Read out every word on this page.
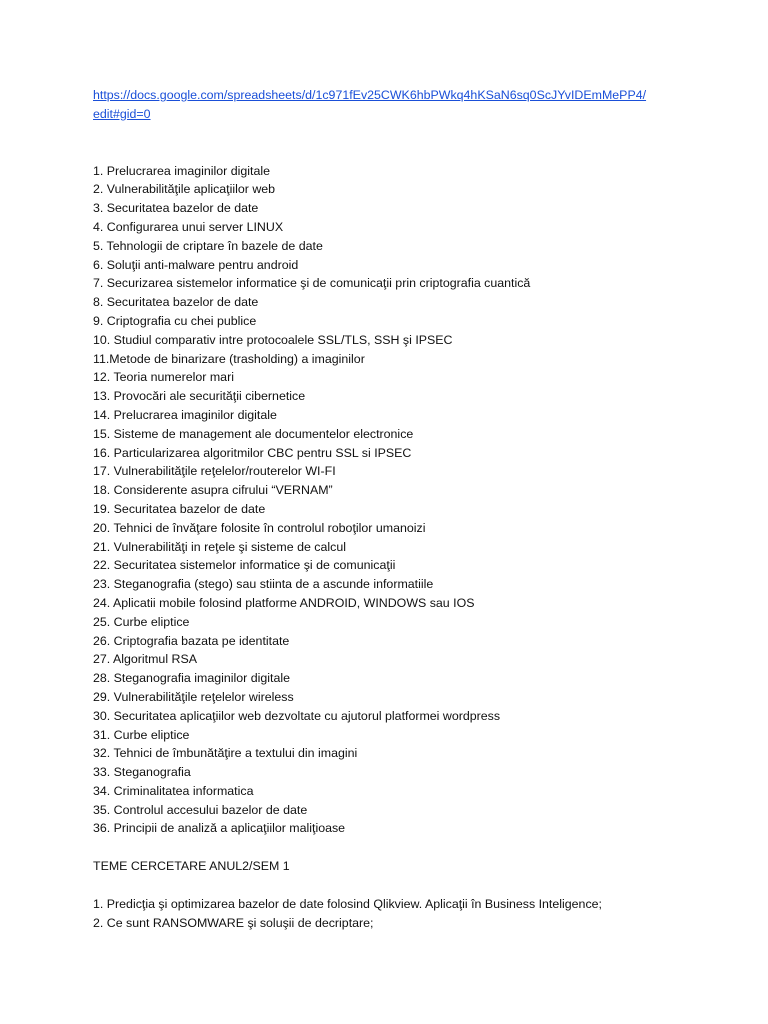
https://docs.google.com/spreadsheets/d/1c971fEv25CWK6hbPWkq4hKSaN6sq0ScJYvIDEmMePP4/
edit#gid=0
1. Prelucrarea imaginilor digitale
2. Vulnerabilităţile aplicaţiilor web
3. Securitatea bazelor de date
4. Configurarea unui server LINUX
5. Tehnologii de criptare în bazele de date
6. Soluţii anti-malware pentru android
7. Securizarea sistemelor informatice şi de comunicaţii prin criptografia cuantică
8. Securitatea bazelor de date
9. Criptografia cu chei publice
10. Studiul comparativ intre protocoalele SSL/TLS, SSH şi IPSEC
11.Metode de binarizare (trasholding) a imaginilor
12. Teoria numerelor mari
13. Provocări ale securităţii cibernetice
14. Prelucrarea imaginilor digitale
15. Sisteme de management ale documentelor electronice
16. Particularizarea algoritmilor CBC pentru SSL si IPSEC
17. Vulnerabilităţile reţelelor/routerelor WI-FI
18. Considerente asupra cifrului “VERNAM”
19. Securitatea bazelor de date
20. Tehnici de învăţare folosite în controlul roboţilor umanoizi
21. Vulnerabilităţi in reţele şi sisteme de calcul
22. Securitatea sistemelor informatice şi de comunicaţii
23. Steganografia (stego) sau stiinta de a ascunde informatiile
24. Aplicatii mobile folosind platforme ANDROID, WINDOWS sau IOS
25. Curbe eliptice
26. Criptografia bazata pe identitate
27. Algoritmul RSA
28. Steganografia imaginilor digitale
29. Vulnerabilităţile reţelelor wireless
30. Securitatea aplicaţiilor web dezvoltate cu ajutorul platformei wordpress
31. Curbe eliptice
32. Tehnici de îmbunătăţire a textului din imagini
33. Steganografia
34. Criminalitatea informatica
35. Controlul accesului bazelor de date
36. Principii de analiză a aplicaţiilor maliţioase
TEME CERCETARE ANUL2/SEM 1
1. Predicţia şi optimizarea bazelor de date folosind Qlikview. Aplicaţii în Business Inteligence;
2. Ce sunt RANSOMWARE şi soluşii de decriptare;
